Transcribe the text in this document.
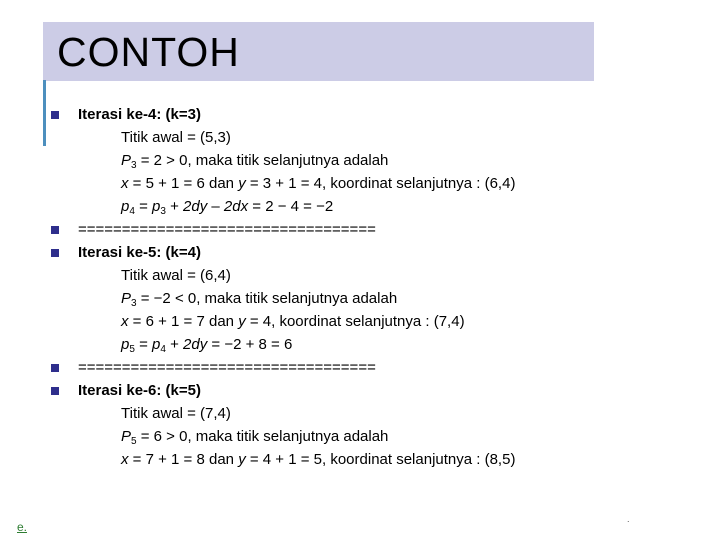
CONTOH
Iterasi ke-4: (k=3)
Titik awal = (5,3)
$P_3 = 2 > 0$, maka titik selanjutnya adalah
x = 5 + 1 = 6 dan y = 3 + 1 = 4, koordinat selanjutnya : (6,4)
$p_4 = p_3 + 2dy - 2dx = 2 - 4 = -2$
==================================
Iterasi ke-5: (k=4)
Titik awal = (6,4)
$P_3 = -2 < 0$, maka titik selanjutnya adalah
x = 6 + 1 = 7 dan y = 4, koordinat selanjutnya : (7,4)
$p_5 = p_4 + 2dy = -2 + 8 = 6$
==================================
Iterasi ke-6: (k=5)
Titik awal = (7,4)
$P_5 = 6 > 0$, maka titik selanjutnya adalah
x = 7 + 1 = 8 dan y = 4 + 1 = 5, koordinat selanjutnya : (8,5)
e.
.
